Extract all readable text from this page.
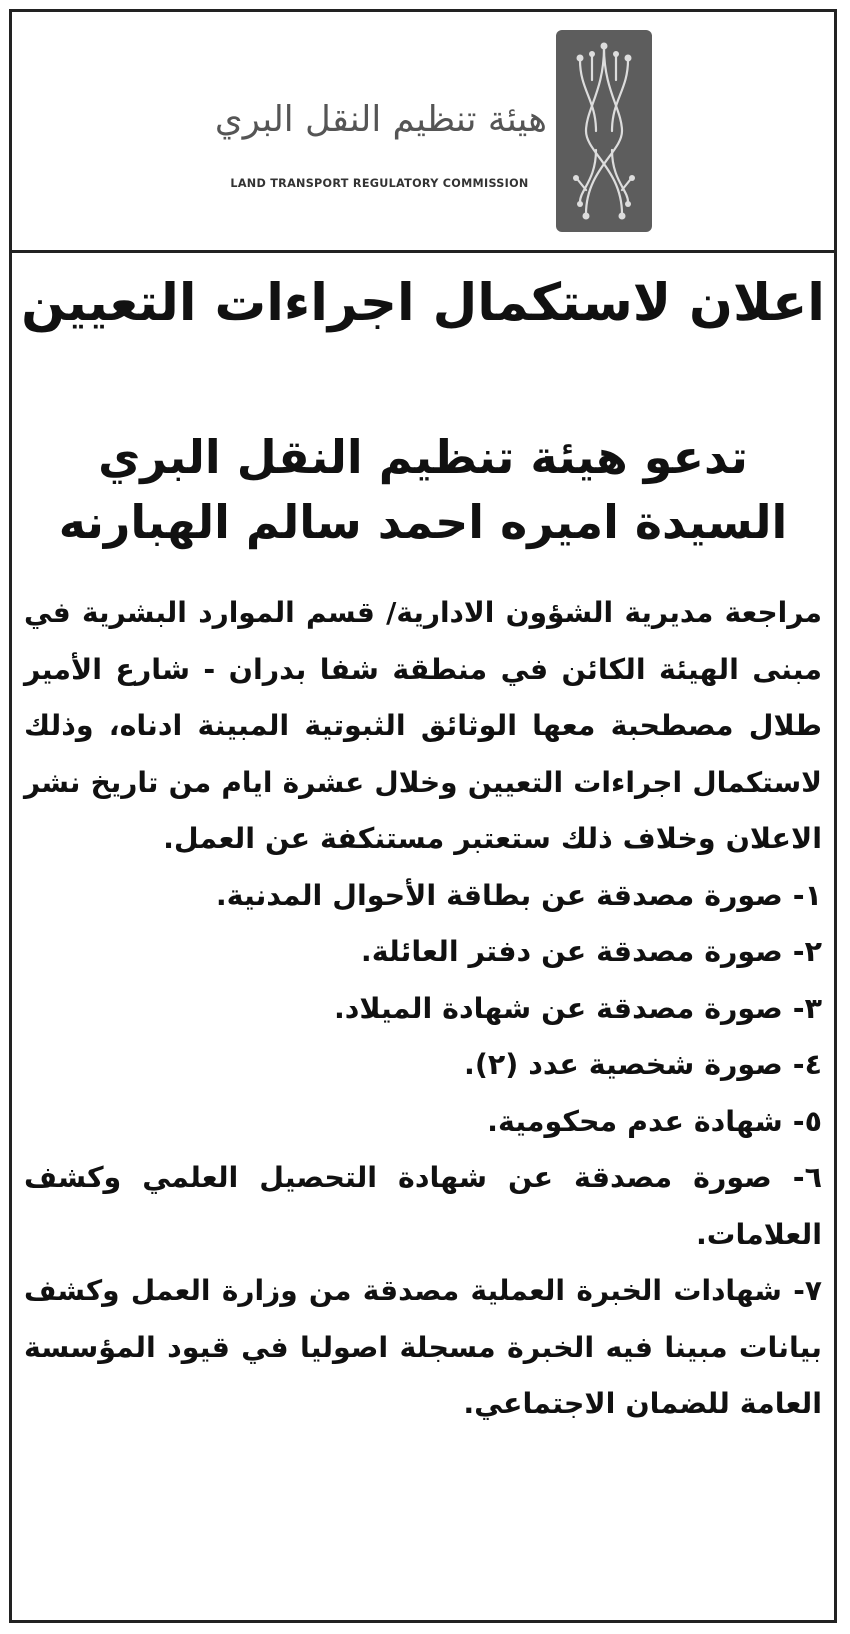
هيئة تنظيم النقل البري
LAND TRANSPORT REGULATORY COMMISSION
اعلان لاستكمال اجراءات التعيين
تدعو هيئة تنظيم النقل البري
السيدة اميره احمد سالم الهبارنه
مراجعة مديرية الشؤون الادارية/ قسم الموارد البشرية في
مبنى الهيئة الكائن في منطقة شفا بدران - شارع الأمير
طلال مصطحبة معها الوثائق الثبوتية المبينة ادناه، وذلك
لاستكمال اجراءات التعيين وخلال عشرة ايام من تاريخ نشر
الاعلان وخلاف ذلك ستعتبر مستنكفة عن العمل.
١- صورة مصدقة عن بطاقة الأحوال المدنية.
٢- صورة مصدقة عن دفتر العائلة.
٣- صورة مصدقة عن شهادة الميلاد.
٤- صورة شخصية عدد (٢).
٥- شهادة عدم محكومية.
٦- صورة مصدقة عن شهادة التحصيل العلمي وكشف
العلامات.
٧- شهادات الخبرة العملية مصدقة من وزارة العمل وكشف
بيانات مبينا فيه الخبرة مسجلة اصوليا في قيود المؤسسة
العامة للضمان الاجتماعي.
